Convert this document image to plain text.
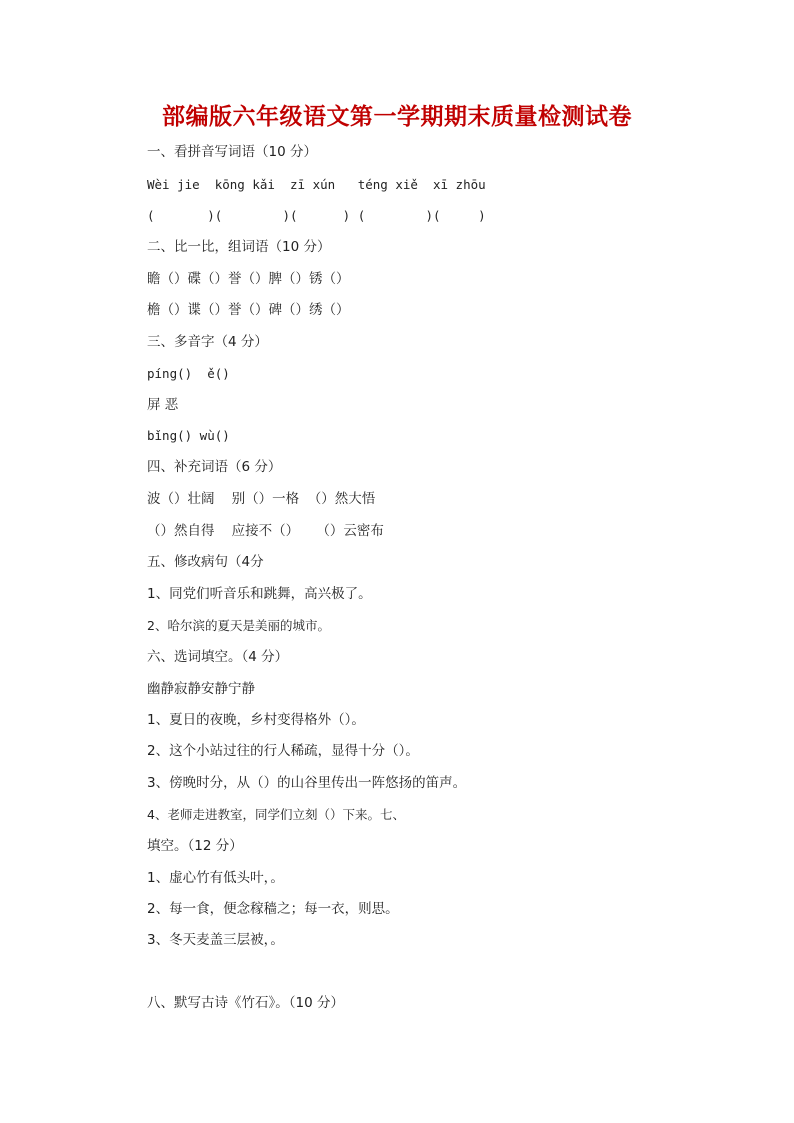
部编版六年级语文第一学期期末质量检测试卷
一、看拼音写词语（10 分）
Wèi jie  kōng kǎi  zī xún   téng xiě  xī zhōu
(       )(        )(      ) (        )(     )
二、比一比，组词语（10 分）
瞻（）碟（）誉（）脾（）锈（）
檐（）谍（）誉（）碑（）绣（）
三、多音字（4 分）
píng()  ě()
屏 恶
bǐng() wù()
四、补充词语（6 分）
波（）壮阔    别（）一格  （）然大悟
（）然自得    应接不（）    （）云密布
五、修改病句（4分
1、同党们听音乐和跳舞，高兴极了。
2、哈尔滨的夏天是美丽的城市。
六、选词填空。（4 分）
幽静寂静安静宁静
1、夏日的夜晚，乡村变得格外（）。
2、这个小站过往的行人稀疏，显得十分（）。
3、傍晚时分，从（）的山谷里传出一阵悠扬的笛声。
4、老师走进教室，同学们立刻（）下来。七、
填空。（12 分）
1、虚心竹有低头叶，。
2、每一食，便念稼穑之；每一衣，则思。
3、冬天麦盖三层被，。
八、默写古诗《竹石》。（10 分）
